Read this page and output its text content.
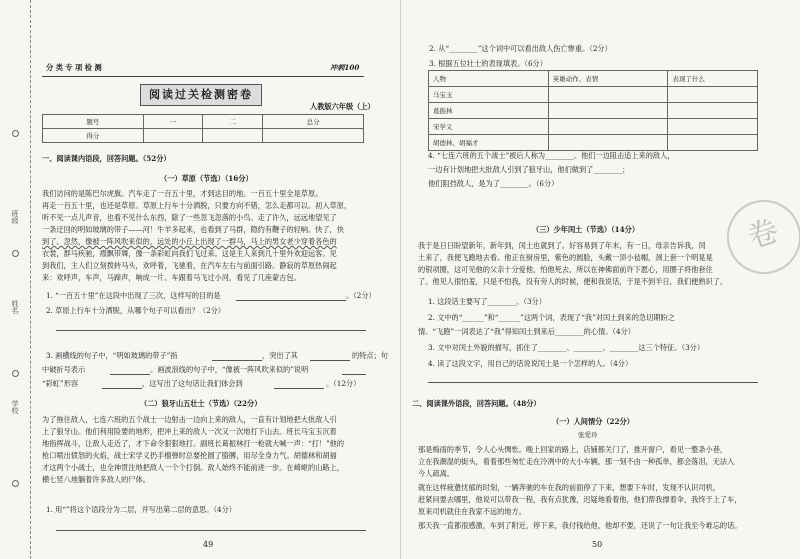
班级
姓名
学校
分 类 专 项 检 测	冲刺100
阅读过关检测密卷
人教版六年级（上）
题号	一	二	总分
得分			
一、阅读课内语段，回答问题。（52分）
（一）草原（节选）（16分）
我们访问的是陈巴尔虎旗。汽车走了一百五十里，才到达目的地。一百五十里全是草原。
再走一百五十里，也还是草原。草原上行车十分洒脱，只要方向不错，怎么走都可以。初入草原，
听不见一点儿声音，也看不见什么东西，除了一些忽飞忽落的小鸟。走了许久，远远地望见了
一条迂回的明如玻璃的带子——河！牛羊多起来，也看到了马群，隐约有鞭子的轻响。快了，快
到了。忽然，像被一阵风吹来似的，远处的小丘上出现了一群马，马上的男女老少穿着各色的
衣裳，群马疾驰，襟飘带舞，像一条彩虹向我们飞过来。这是主人来到几十里外欢迎远客。见
到我们，主人们立刻拨转马头，欢呼着，飞驰着，在汽车左右与前面引路。静寂的草原热闹起
来：欢呼声，车声，马蹄声，响成一片。车跟着马飞过小河，看见了几座蒙古包。
1. “一百五十里”在这段中出现了三次，这样写的目的是	。（2分）
2. 草原上行车十分洒脱，从哪个句子可以看出？（2分）
3. 画横线的句子中，“明如玻璃的带子”指	，突出了其	的特点；句
中破折号表示	。画波浪线的句子中，“像被一阵风吹来似的”说明
“彩虹”形容	，这写出了这句话让我们体会到	。（12分）
（二）狼牙山五壮士（节选）（22分）
为了拖住敌人，七连六班的五个战士一边射击一边向上来的敌人，一直有计划地把大批敌人引
上了狼牙山。他们利用险要的地形，把冲上来的敌人一次又一次地打下山去。班长马宝玉沉着
地指挥战斗，让敌人走近了，才下命令狠狠地打。副班长葛振林打一枪就大喊一声：“打！”他的
枪口喷出愤怒的火焰，战士宋学义扔手榴弹时总要抡圆了胳膊，用尽全身力气。胡德林和胡福
才这两个小战士，也全神贯注地把敌人一个个打倒。敌人始终不能前进一步。在崎岖的山路上，
横七竖八地躺着许多敌人的尸体。
1. 用“”将这个语段分为二层，并写出第二层的意思。（4分）
49
卷
2. 从“________”这个词中可以看出敌人伤亡惨重。（2分）
3. 根据五位壮士的表现填表。（6分）
人物	英雄动作、表情	表现了什么
马宝玉		
葛振林		
宋学义		
胡德林、胡福才		
4. “七连六班的五个战士”被后人称为________。他们一边阻击追上来的敌人，
一边有计划地把大批敌人引到了狼牙山，他们做到了________；
他们阻挡敌人，是为了________。（6分）
（三）少年闰土（节选）（14分）
我于是日日盼望新年，新年到，闰土也就到了。好容易到了年末，有一日，母亲告诉我，闰
土来了，我便飞跑地去看。他正在厨房里，紫色的圆脸，头戴一顶小毡帽，颈上套一个明晃晃
的银项圈，这可见他的父亲十分爱他，怕他死去，所以在神佛面前许下愿心，用圈子将他套住
了。他见人很怕羞，只是不怕我，没有旁人的时候，便和我说话，于是不到半日，我们便熟识了。
1. 这段话主要写了________。（3分）
2. 文中的“______”和“______”这两个词，表现了“我”对闰土到来的急切期盼之
情。“飞跑”一词表达了“我”得知闰土到来后________的心情。（4分）
3. 文中对闰土外貌的描写，抓住了________、________、________这三个特征。（3分）
4. 读了这段文字，用自己的话说说闰土是一个怎样的人。（4分）
二、阅读课外语段，回答问题。（48分）
（一）人间情分（22分）
张爱玲
那是梅雨的季节，令人心头惆怅。晚上回家的路上，店铺都关门了，推开窗户，看见一整条小巷，
立在我潮湿的街头，看着那些匆忙走在冷冽中的大小车辆，那一刻不由一种孤单，都会落泪，无法入
今人疏离。
就在这样疲惫忧郁的时刻，一辆奔驰的车在我的前面停了下来，想要下车时，发现不认识司机，
赶紧问要去哪里，他说可以带我一程，我有点犹豫，迟疑地看着他，他们帮我撑着伞，我终于上了车，
原来司机就住在我家不远的地方。
那天我一直都很感激，车到了附近，停下来，我付钱给他，他却不要，还说了一句让我至今难忘的话。
50
